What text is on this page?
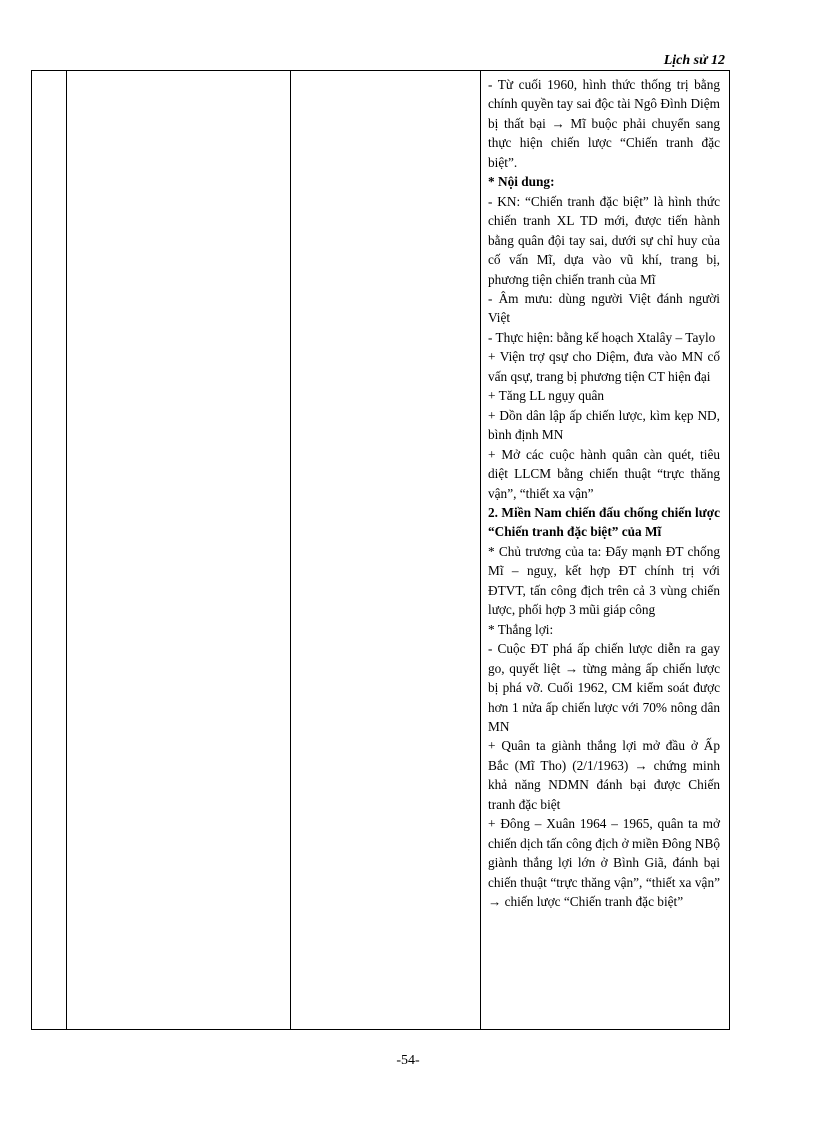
Lịch sử 12

- Từ cuối 1960, hình thức thống trị bằng chính quyền tay sai độc tài Ngô Đình Diệm bị thất bại → Mĩ buộc phải chuyển sang thực hiện chiến lược “Chiến tranh đặc biệt”.

* Nội dung:

- KN: “Chiến tranh đặc biệt” là hình thức chiến tranh XL TD mới, được tiến hành bằng quân đội tay sai, dưới sự chỉ huy của cố vấn Mĩ, dựa vào vũ khí, trang bị, phương tiện chiến tranh của Mĩ

- Âm mưu: dùng người Việt đánh người Việt

- Thực hiện: bằng kế hoạch Xtalây – Taylo

+ Viện trợ qsự cho Diệm, đưa vào MN cố vấn qsự, trang bị phương tiện CT hiện đại

+ Tăng LL ngụy quân

+ Dồn dân lập ấp chiến lược, kìm kẹp ND, bình định MN

+ Mở các cuộc hành quân càn quét, tiêu diệt LLCM bằng chiến thuật “trực thăng vận”, “thiết xa vận”

2. Miền Nam chiến đấu chống chiến lược “Chiến tranh đặc biệt” của Mĩ

* Chủ trương của ta: Đẩy mạnh ĐT chống Mĩ – nguỵ, kết hợp ĐT chính trị với ĐTVT, tấn công địch trên cả 3 vùng chiến lược, phối hợp 3 mũi giáp công

* Thắng lợi:

- Cuộc ĐT phá ấp chiến lược diễn ra gay go, quyết liệt → từng mảng ấp chiến lược bị phá vỡ. Cuối 1962, CM kiểm soát được hơn 1 nửa ấp chiến lược với 70% nông dân MN

+ Quân ta giành thắng lợi mở đầu ở Ấp Bắc (Mĩ Tho) (2/1/1963) → chứng minh khả năng NDMN đánh bại được Chiến tranh đặc biệt

+ Đông – Xuân 1964 – 1965, quân ta mở chiến dịch tấn công địch ở miền Đông NBộ giành thắng lợi lớn ở Bình Giã, đánh bại chiến thuật “trực thăng vận”, “thiết xa vận” → chiến lược “Chiến tranh đặc biệt”

-54-
